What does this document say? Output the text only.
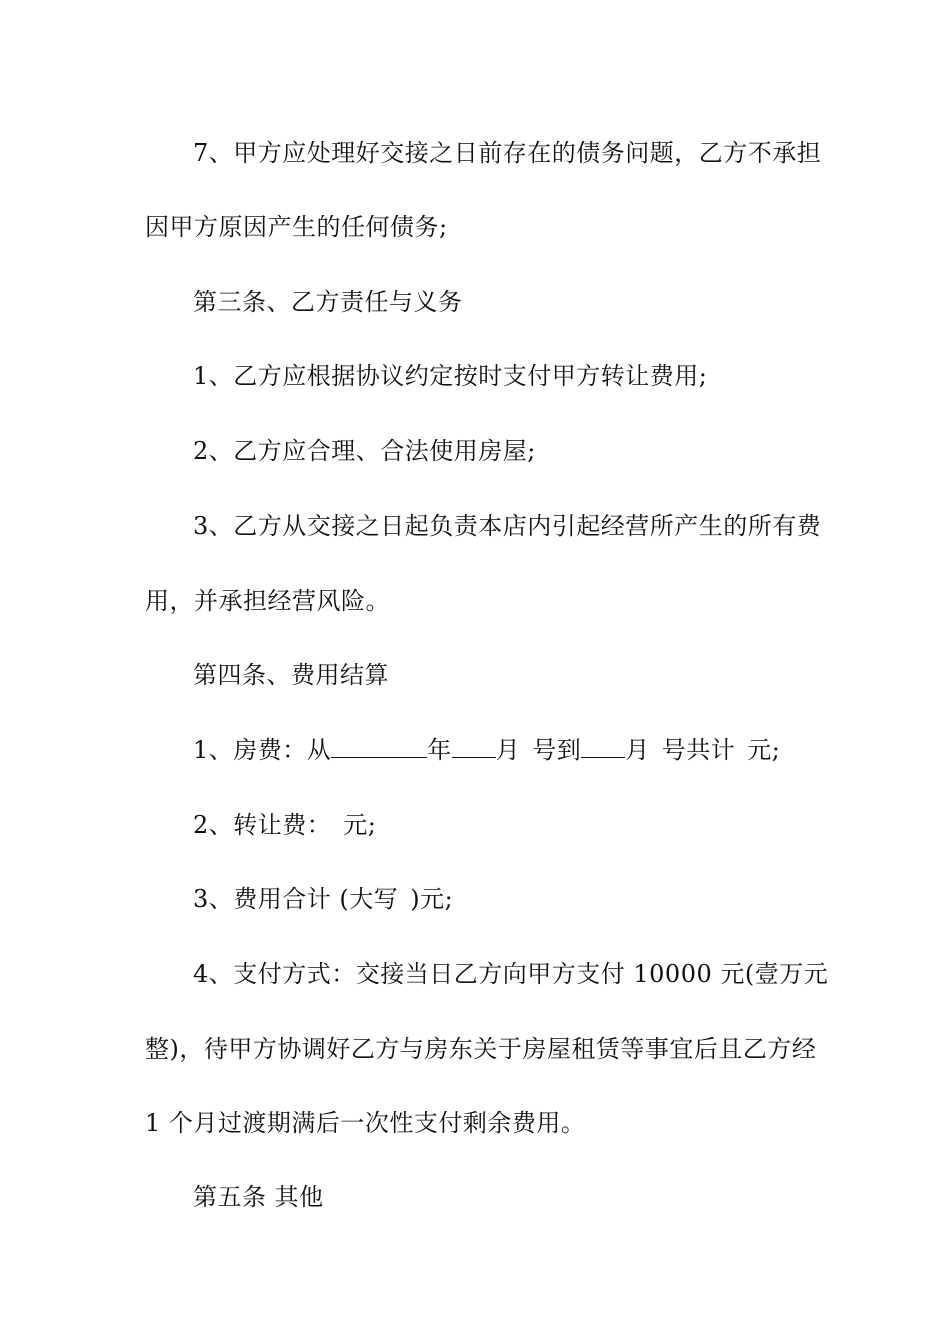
7、甲方应处理好交接之日前存在的债务问题，乙方不承担
因甲方原因产生的任何债务;
第三条、乙方责任与义务
1、乙方应根据协议约定按时支付甲方转让费用;
2、乙方应合理、合法使用房屋;
3、乙方从交接之日起负责本店内引起经营所产生的所有费
用，并承担经营风险。
第四条、费用结算
1、房费：从	年 月 号到 月 号共计 元;
2、转让费： 元;
3、费用合计 (大写 )元;
4、支付方式：交接当日乙方向甲方支付 10000 元(壹万元
整)，待甲方协调好乙方与房东关于房屋租赁等事宜后且乙方经
1 个月过渡期满后一次性支付剩余费用。
第五条 其他
